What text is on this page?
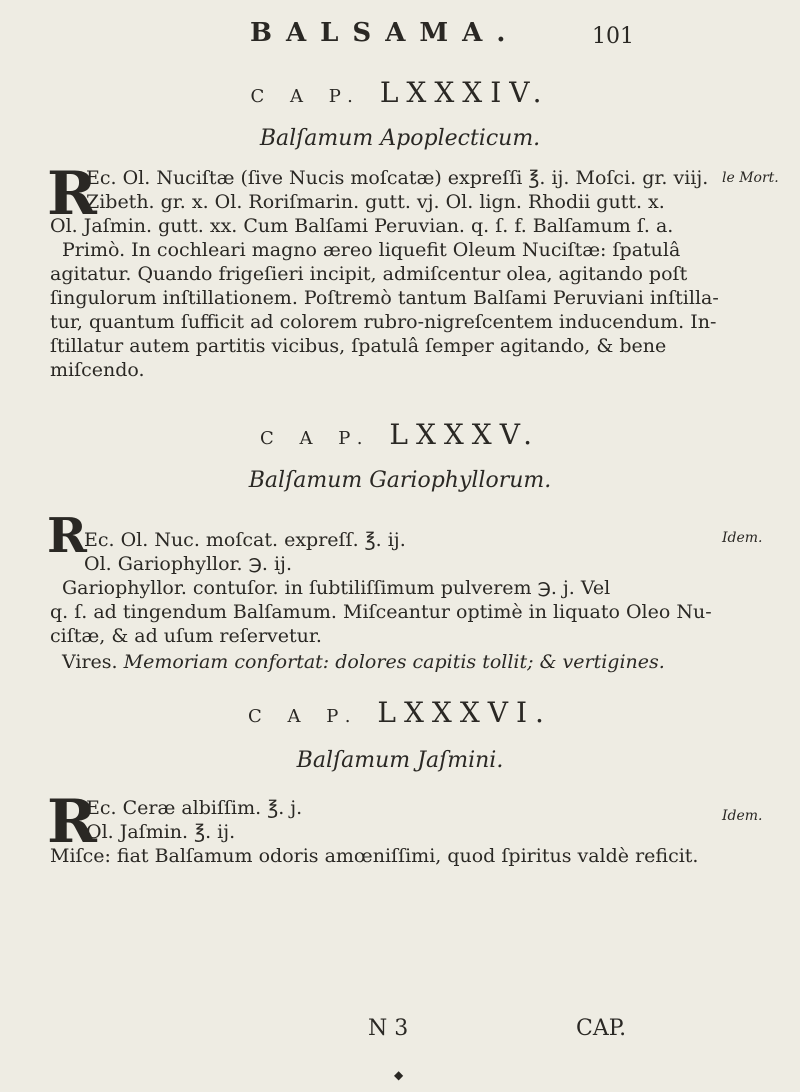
BALSAMA.	101
C A P. LXXXIV.
Balſamum Apoplecticum.
R	le Mort.
Ec. Ol. Nuciſtæ (ſive Nucis moſcatæ) expreſſi ℥. ij. Moſci. gr. viij.
Zibeth. gr. x. Ol. Roriſmarin. gutt. vj. Ol. lign. Rhodii gutt. x.
Ol. Jaſmin. gutt. xx. Cum Balſami Peruvian. q. ſ. f. Balſamum ſ. a.
Primò. In cochleari magno æreo liquefit Oleum Nuciſtæ: ſpatulâ
agitatur. Quando frigeſieri incipit, admiſcentur olea, agitando poſt
ſingulorum inſtillationem. Poſtremò tantum Balſami Peruviani inſtilla-
tur, quantum ſufficit ad colorem rubro-nigreſcentem inducendum. In-
ſtillatur autem partitis vicibus, ſpatulâ ſemper agitando, & bene
miſcendo.
C A P. LXXXV.
Balſamum Gariophyllorum.
R	Idem.
Ec. Ol. Nuc. moſcat. expreſſ. ℥. ij.
Ol. Gariophyllor. ℈. ij.
Gariophyllor. contuſor. in ſubtiliſſimum pulverem ℈. j. Vel
q. ſ. ad tingendum Balſamum. Miſceantur optimè in liquato Oleo Nu-
ciſtæ, & ad uſum reſervetur.
Vires. Memoriam confortat: dolores capitis tollit; & vertigines.
C A P. LXXXVI.
Balſamum Jaſmini.
R	Idem.
Ec. Ceræ albiſſim. ℥. j.
Ol. Jaſmin. ℥. ij.
Miſce: fiat Balſamum odoris amœniſſimi, quod ſpiritus valdè reficit.
N 3	CAP.
◆
